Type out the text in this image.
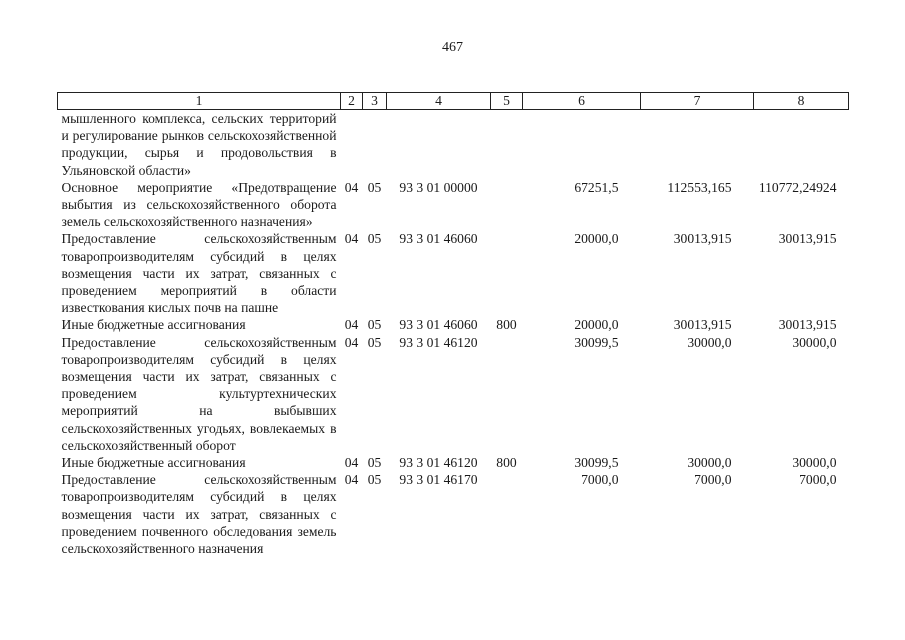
467
1	2	3	4	5	6	7	8
мышленного комплекса, сельских территорий и регулирование рынков сельскохозяйственной продукции, сырья и продовольствия в Ульяновской области»							
Основное мероприятие «Предотвращение выбытия из сельскохозяйственного оборота земель сельскохозяйственного назначения»	04	05	93 3 01 00000		67251,5	112553,165	110772,24924
Предоставление сельскохозяйственным товаропроизводителям субсидий в целях возмещения части их затрат, связанных с проведением мероприятий в области известкования кислых почв на пашне	04	05	93 3 01 46060		20000,0	30013,915	30013,915
Иные бюджетные ассигнования	04	05	93 3 01 46060	800	20000,0	30013,915	30013,915
Предоставление сельскохозяйственным товаропроизводителям субсидий в целях возмещения части их затрат, связанных с проведением культуртехнических мероприятий на выбывших сельскохозяйственных угодьях, вовлекаемых в сельскохозяйственный оборот	04	05	93 3 01 46120		30099,5	30000,0	30000,0
Иные бюджетные ассигнования	04	05	93 3 01 46120	800	30099,5	30000,0	30000,0
Предоставление сельскохозяйственным товаропроизводителям субсидий в целях возмещения части их затрат, связанных с проведением почвенного обследования земель сельскохозяйственного назначения	04	05	93 3 01 46170		7000,0	7000,0	7000,0
